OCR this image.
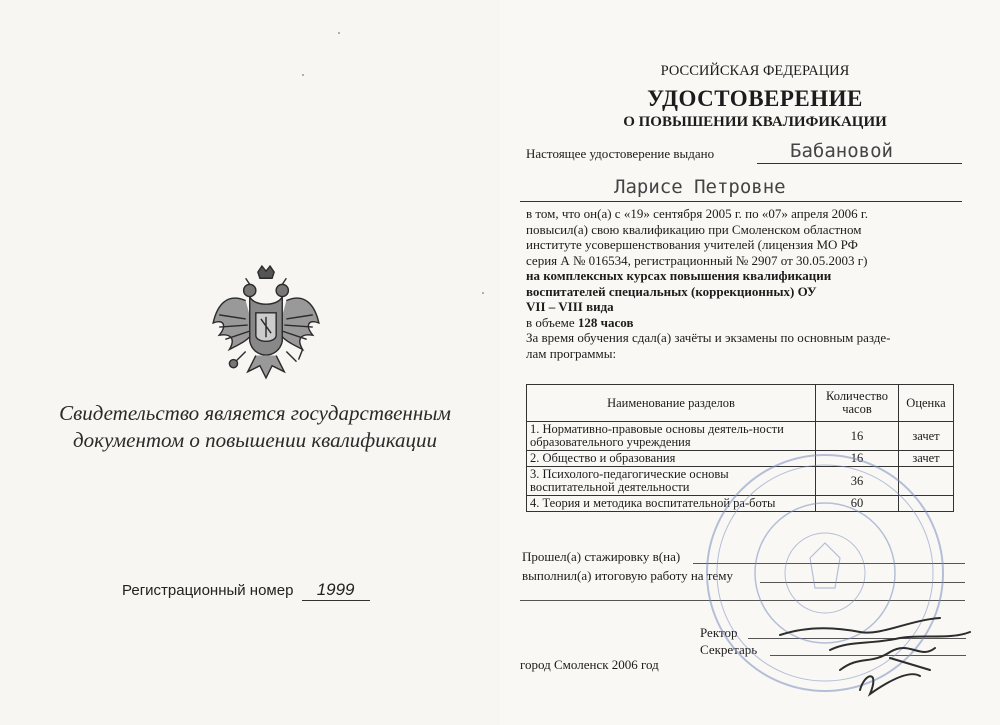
Свидетельство является государственным документом о повышении квалификации
Регистрационный номер 1999
РОССИЙСКАЯ ФЕДЕРАЦИЯ
УДОСТОВЕРЕНИЕ
О ПОВЫШЕНИИ КВАЛИФИКАЦИИ
Настоящее удостоверение выдано	Бабановой
Ларисе Петровне
в том, что он(а) с «19» сентября 2005 г. по «07» апреля 2006 г.
повысил(а) свою квалификацию при Смоленском областном
институте усовершенствования учителей (лицензия МО РФ
серия А № 016534, регистрационный № 2907 от 30.05.2003 г)
на комплексных курсах повышения квалификации
воспитателей специальных (коррекционных) ОУ
VII – VIII вида
в объеме 128 часов
За время обучения сдал(а) зачёты и экзамены по основным разде-
лам программы:
Наименование разделов	Количество часов	Оценка
1. Нормативно-правовые основы деятель-ности образовательного учреждения	16	зачет
2. Общество и образования	16	зачет
3. Психолого-педагогические основы воспитательной деятельности	36	
4. Теория и методика воспитательной ра-боты	60	
Прошел(а) стажировку в(на)
выполнил(а) итоговую работу на тему
Ректор
Секретарь
город Смоленск 2006 год
